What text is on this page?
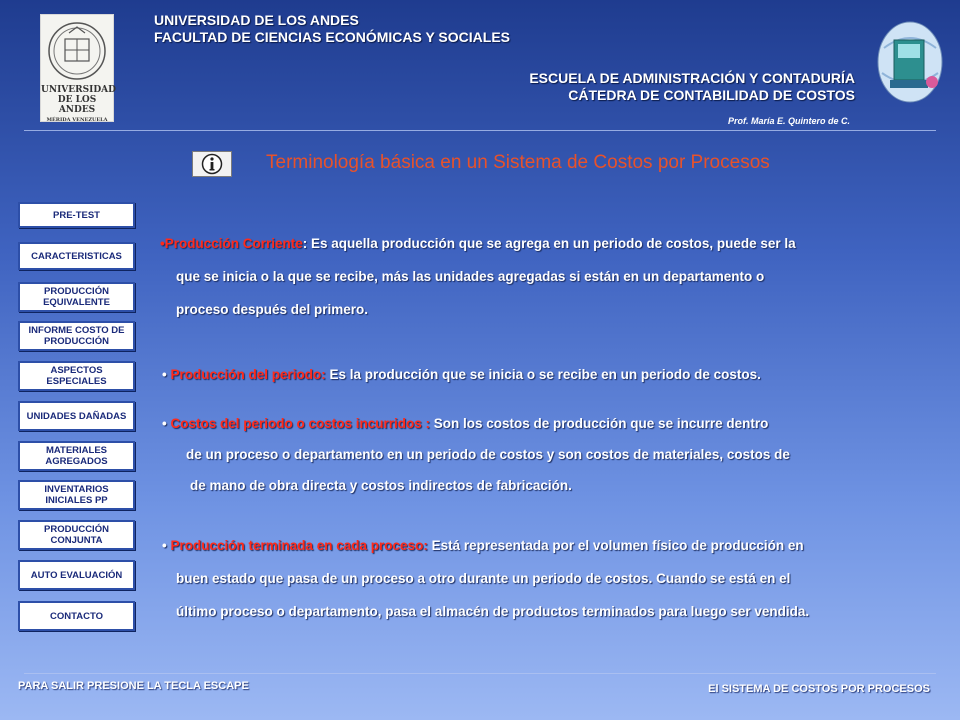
UNIVERSIDAD
DE LOS ANDES
MÉRIDA VENEZUELA
UNIVERSIDAD DE LOS ANDES
FACULTAD DE CIENCIAS ECONÓMICAS Y SOCIALES
ESCUELA DE ADMINISTRACIÓN Y CONTADURÍA
CÁTEDRA DE CONTABILIDAD DE COSTOS
Prof. María E. Quintero de C.
Terminología básica en un Sistema de Costos por Procesos
PRE-TEST
CARACTERISTICAS
PRODUCCIÓN EQUIVALENTE
INFORME COSTO DE PRODUCCIÓN
ASPECTOS ESPECIALES
UNIDADES DAÑADAS
MATERIALES AGREGADOS
INVENTARIOS INICIALES PP
PRODUCCIÓN CONJUNTA
AUTO EVALUACIÓN
CONTACTO
•Producción Corriente: Es aquella producción que se agrega en un periodo de costos, puede ser la
que se inicia o la que se recibe, más las unidades agregadas si están en un departamento o
proceso después del primero.
• Producción del periodo: Es la producción que se inicia o se recibe en un periodo de costos.
• Costos del periodo o costos incurridos : Son los costos de producción que se incurre dentro
de un proceso o departamento en un periodo de costos y son costos de materiales, costos de
de mano de obra directa y costos indirectos de fabricación.
• Producción terminada en cada proceso: Está representada por el volumen físico de producción en
buen estado que pasa de un proceso a otro durante un periodo de costos. Cuando se está en el
último proceso o departamento, pasa el almacén de productos terminados para luego ser vendida.
PARA SALIR PRESIONE LA TECLA ESCAPE	El SISTEMA DE COSTOS POR PROCESOS
